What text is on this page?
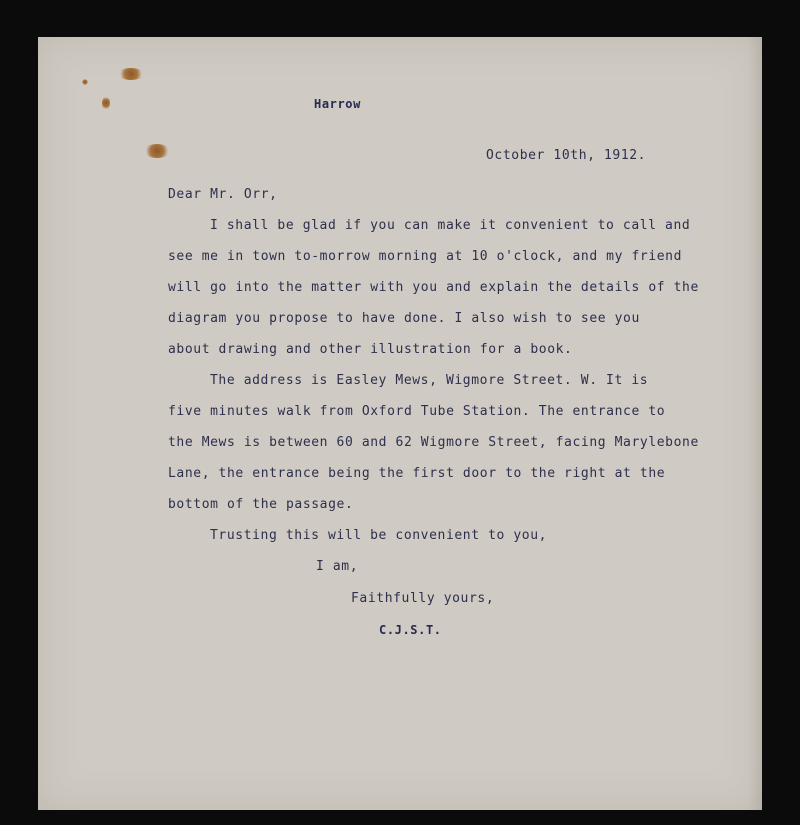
Harrow

October 10th, 1912.

Dear Mr. Orr,

I shall be glad if you can make it convenient to call and

see me in town to-morrow morning at 10 o'clock, and my friend

will go into the matter with you and explain the details of the

diagram you propose to have done. I also wish to see you

about drawing and other illustration for a book.

The address is Easley Mews, Wigmore Street. W. It is

five minutes walk from Oxford Tube Station. The entrance to

the Mews is between 60 and 62 Wigmore Street, facing Marylebone

Lane, the entrance being the first door to the right at the

bottom of the passage.

Trusting this will be convenient to you,

I am,

Faithfully yours,

C.J.S.T.
